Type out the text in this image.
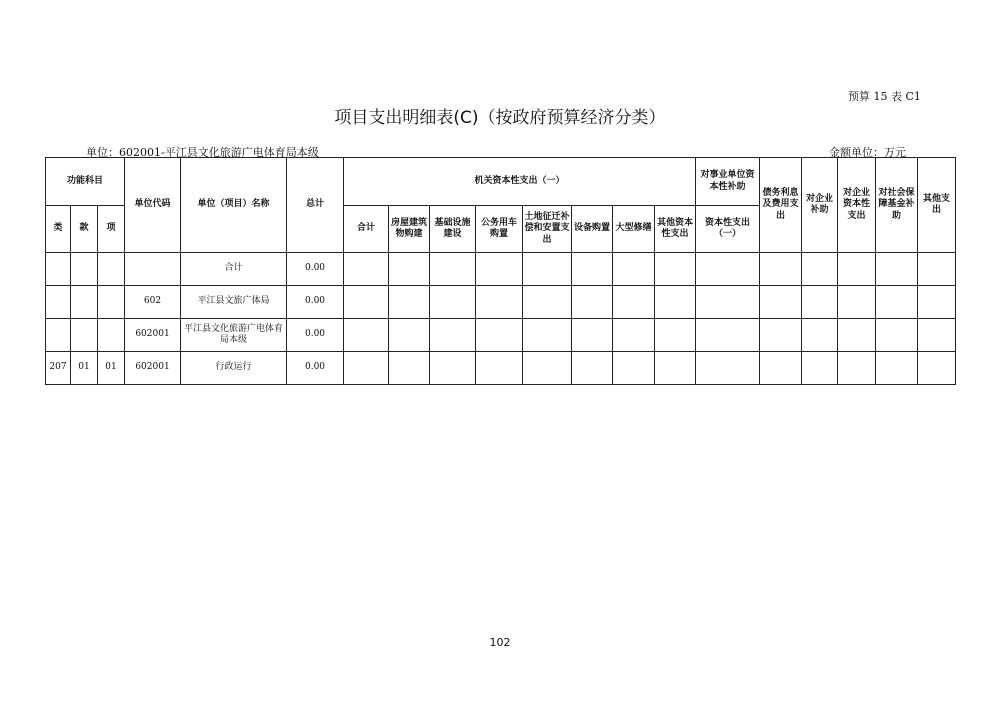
预算 15 表 C1
项目支出明细表(C)（按政府预算经济分类）
单位：602001-平江县文化旅游广电体育局本级	金额单位：万元
功能科目			单位代码	单位（项目）名称	总计	机关资本性支出（一）								对事业单位资本性补助	债务利息及费用支出	对企业补助	对企业资本性支出	对社会保障基金补助	其他支出
类	款	项				合计	房屋建筑物购建	基础设施建设	公务用车购置	土地征迁补偿和安置支出	设备购置	大型修缮	其他资本性支出	资本性支出（一）					
				合计	0.00														
			602	平江县文旅广体局	0.00														
			602001	平江县文化旅游广电体育局本级	0.00														
207	01	01	602001	行政运行	0.00														
102
